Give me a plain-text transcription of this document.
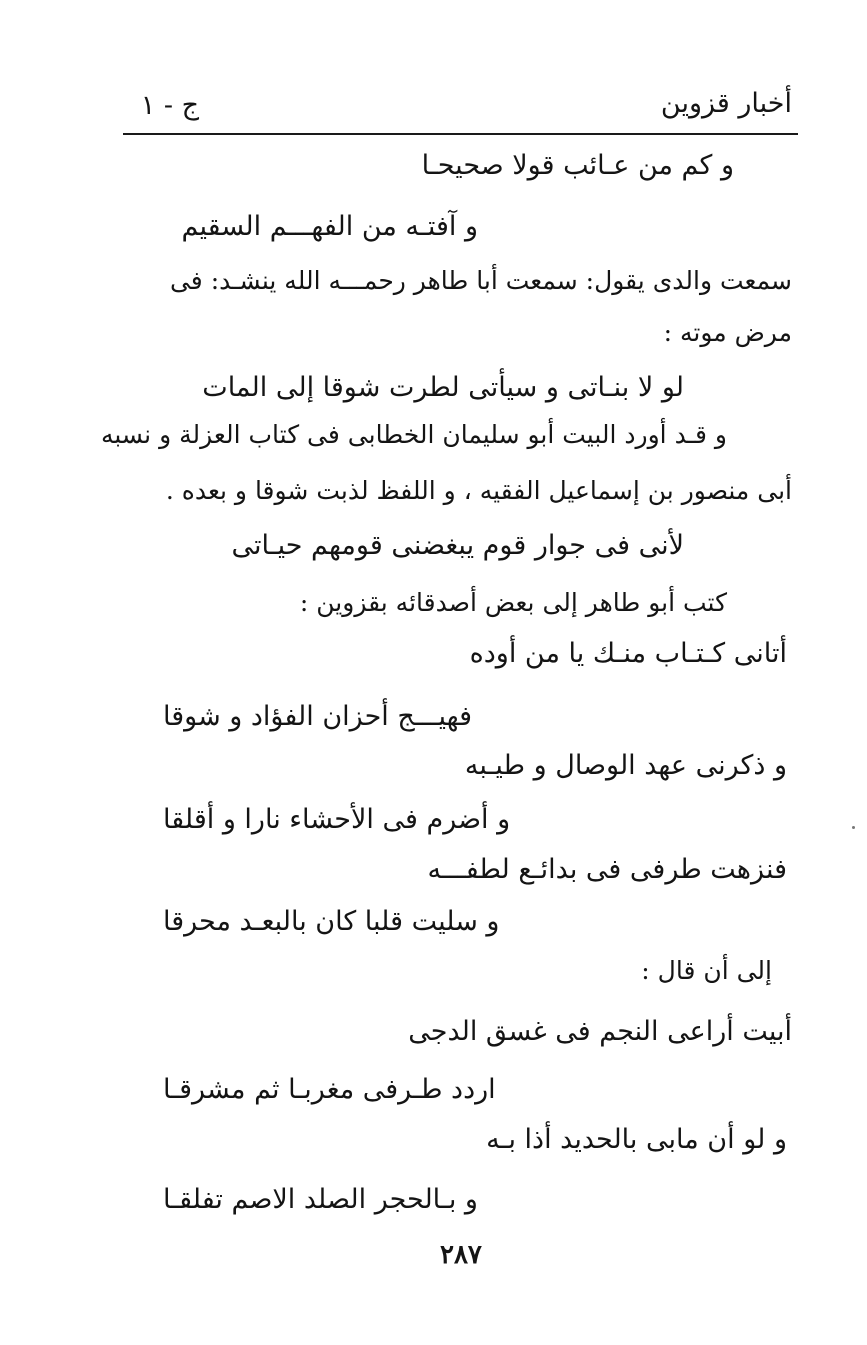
أخبار قزوين
ج - ١
و كم من عـائب قولا صحيحـا
و آفتـه من الفهـــم السقيم
سمعت والدى يقول: سمعت أبا طاهر رحمـــه الله ينشـد: فى
مرض موته :
لو لا بنـاتى و سيأتى لطرت شوقا إلى المات
و قـد أورد البيت أبو سليمان الخطابى فى كتاب العزلة و نسبه
أبى منصور بن إسماعيل الفقيه ، و اللفظ لذبت شوقا و بعده .
لأنى فى جوار قوم يبغضنى قومهم حيـاتى
كتب أبو طاهر إلى بعض أصدقائه بقزوين :
أتانى كـتـاب منـك يا من أوده
فهيـــج أحزان الفؤاد و شوقا
و ذكرنى عهد الوصال و طيـبه
و أضرم فى الأحشاء نارا و أقلقا
فنزهت طرفى فى بدائـع لطفـــه
و سليت قلبا كان بالبعـد محرقا
إلى أن قال :
أبيت أراعى النجم فى غسق الدجى
اردد طـرفى مغربـا ثم مشرقـا
و لو أن مابى بالحديد أذا بـه
و بـالحجر الصلد الاصم تفلقـا
٢٨٧
